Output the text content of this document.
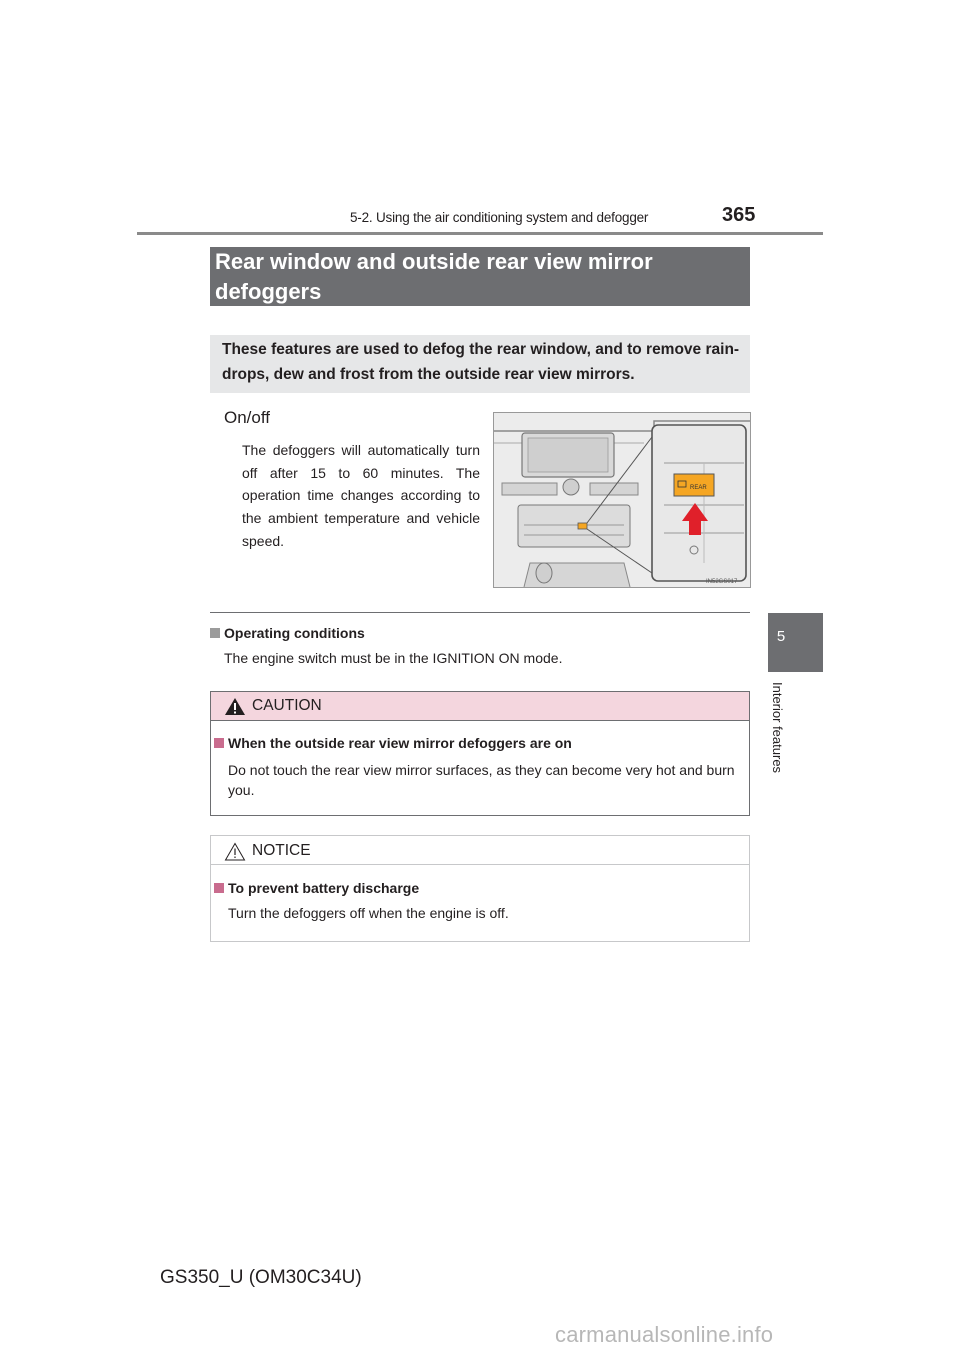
5-2. Using the air conditioning system and defogger	365
5
Interior features
Rear window and outside rear view mirror
defoggers
These features are used to defog the rear window, and to remove rain-
drops, dew and frost from the outside rear view mirrors.
On/off
The defoggers will automatically turn off after 15 to 60 minutes. The operation time changes according to the ambient temperature and vehicle speed.
REAR
IN52GS017
Operating conditions
The engine switch must be in the IGNITION ON mode.
CAUTION
When the outside rear view mirror defoggers are on
Do not touch the rear view mirror surfaces, as they can become very hot and burn you.
NOTICE
To prevent battery discharge
Turn the defoggers off when the engine is off.
GS350_U (OM30C34U)
carmanualsonline.info
